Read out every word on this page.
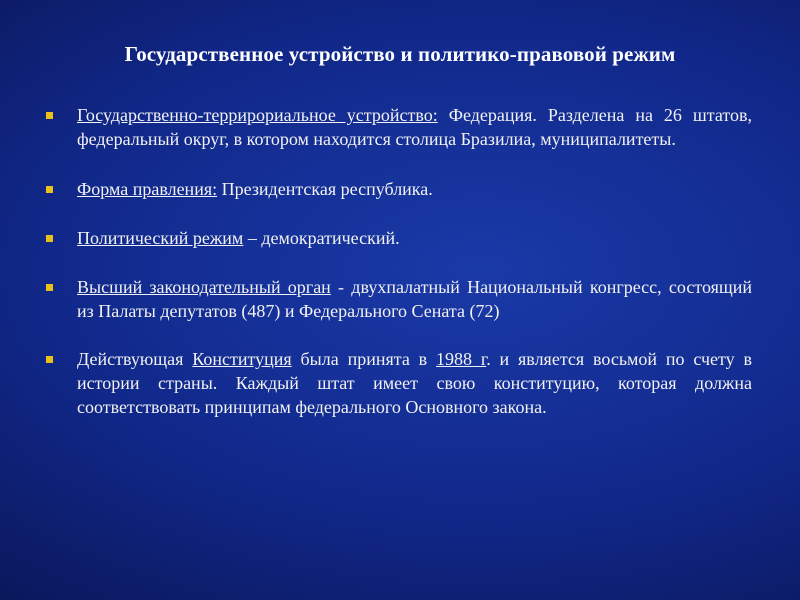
Государственное устройство и политико-правовой режим
Государственно-террирориальное устройство: Федерация. Разделена на 26 штатов, федеральный округ, в котором находится столица Бразилиа, муниципалитеты.
Форма правления: Президентская республика.
Политический режим – демократический.
Высший законодательный орган - двухпалатный Национальный конгресс, состоящий из Палаты депутатов (487) и Федерального Сената (72)
Действующая Конституция была принята в 1988 г. и является восьмой по счету в истории страны. Каждый штат имеет свою конституцию, которая должна соответствовать принципам федерального Основного закона.
